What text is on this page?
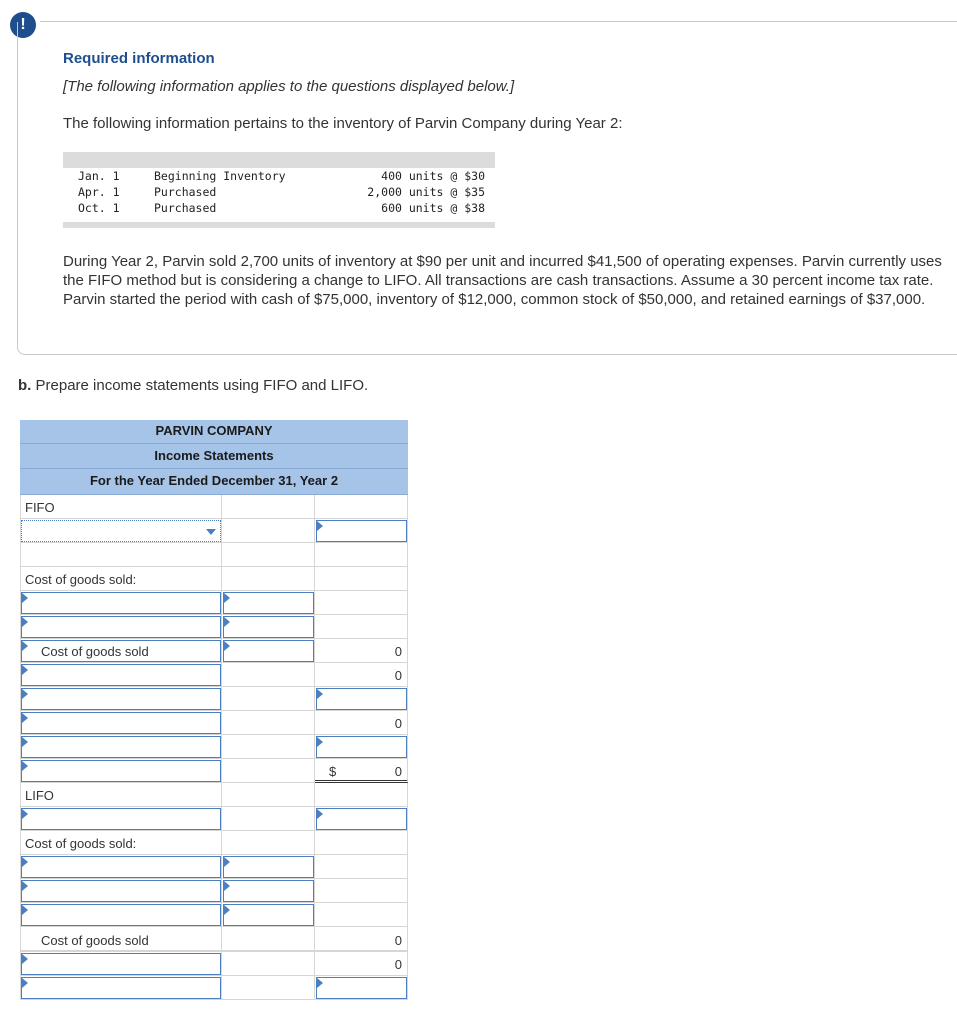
!
Required information
[The following information applies to the questions displayed below.]
The following information pertains to the inventory of Parvin Company during Year 2:
Jan. 1	Beginning Inventory	400 units @ $30
Apr. 1	Purchased	2,000 units @ $35
Oct. 1	Purchased	600 units @ $38
During Year 2, Parvin sold 2,700 units of inventory at $90 per unit and incurred $41,500 of operating expenses. Parvin currently uses the FIFO method but is considering a change to LIFO. All transactions are cash transactions. Assume a 30 percent income tax rate. Parvin started the period with cash of $75,000, inventory of $12,000, common stock of $50,000, and retained earnings of $37,000.
b. Prepare income statements using FIFO and LIFO.
PARVIN COMPANY
Income Statements
For the Year Ended December 31, Year 2
FIFO
Cost of goods sold:
Cost of goods sold	0
0
0
$	0
LIFO
Cost of goods sold:
Cost of goods sold	0
0
